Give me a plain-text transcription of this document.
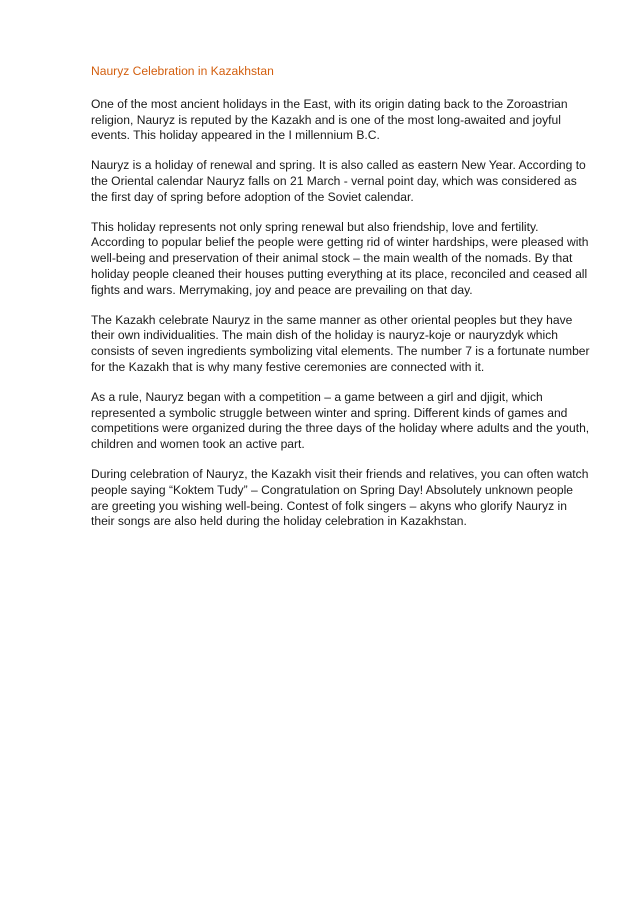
Nauryz Celebration in Kazakhstan

One of the most ancient holidays in the East, with its origin dating back to the Zoroastrian religion, Nauryz is reputed by the Kazakh and is one of the most long-awaited and joyful events. This holiday appeared in the I millennium B.C.

Nauryz is a holiday of renewal and spring. It is also called as eastern New Year. According to the Oriental calendar Nauryz falls on 21 March - vernal point day, which was considered as the first day of spring before adoption of the Soviet calendar.

This holiday represents not only spring renewal but also friendship, love and fertility. According to popular belief the people were getting rid of winter hardships, were pleased with well-being and preservation of their animal stock – the main wealth of the nomads. By that holiday people cleaned their houses putting everything at its place, reconciled and ceased all fights and wars. Merrymaking, joy and peace are prevailing on that day.

The Kazakh celebrate Nauryz in the same manner as other oriental peoples but they have their own individualities. The main dish of the holiday is nauryz-koje or nauryzdyk which consists of seven ingredients symbolizing vital elements. The number 7 is a fortunate number for the Kazakh that is why many festive ceremonies are connected with it.

As a rule, Nauryz began with a competition – a game between a girl and djigit, which represented a symbolic struggle between winter and spring. Different kinds of games and competitions were organized during the three days of the holiday where adults and the youth, children and women took an active part.

During celebration of Nauryz, the Kazakh visit their friends and relatives, you can often watch people saying “Koktem Tudy” – Congratulation on Spring Day! Absolutely unknown people are greeting you wishing well-being. Contest of folk singers – akyns who glorify Nauryz in their songs are also held during the holiday celebration in Kazakhstan.
